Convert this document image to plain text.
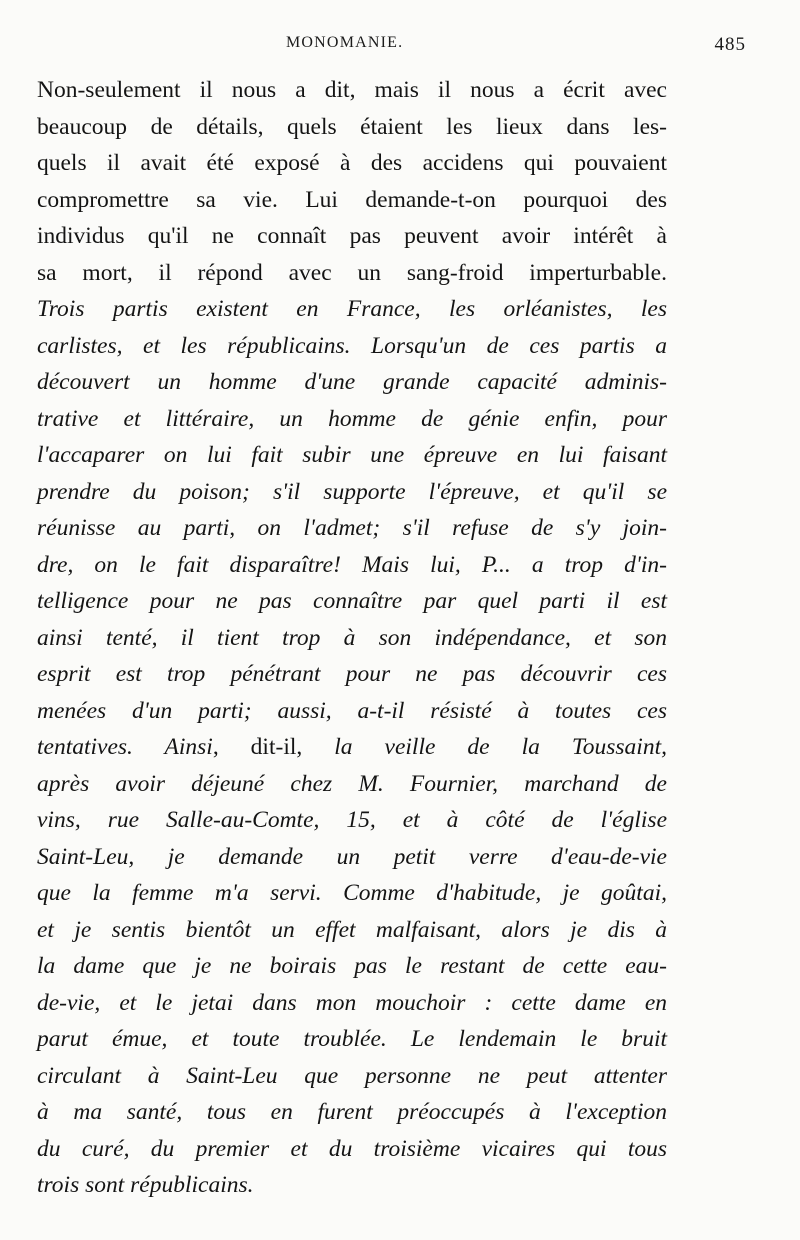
MONOMANIE.	485
Non-seulement il nous a dit, mais il nous a écrit avec
beaucoup de détails, quels étaient les lieux dans les-
quels il avait été exposé à des accidens qui pouvaient
compromettre sa vie. Lui demande-t-on pourquoi des
individus qu'il ne connaît pas peuvent avoir intérêt à
sa mort, il répond avec un sang-froid imperturbable.
Trois partis existent en France, les orléanistes, les
carlistes, et les républicains. Lorsqu'un de ces partis a
découvert un homme d'une grande capacité adminis-
trative et littéraire, un homme de génie enfin, pour
l'accaparer on lui fait subir une épreuve en lui faisant
prendre du poison; s'il supporte l'épreuve, et qu'il se
réunisse au parti, on l'admet; s'il refuse de s'y join-
dre, on le fait disparaître! Mais lui, P... a trop d'in-
telligence pour ne pas connaître par quel parti il est
ainsi tenté, il tient trop à son indépendance, et son
esprit est trop pénétrant pour ne pas découvrir ces
menées d'un parti; aussi, a-t-il résisté à toutes ces
tentatives. Ainsi, dit-il, la veille de la Toussaint,
après avoir déjeuné chez M. Fournier, marchand de
vins, rue Salle-au-Comte, 15, et à côté de l'église
Saint-Leu, je demande un petit verre d'eau-de-vie
que la femme m'a servi. Comme d'habitude, je goûtai,
et je sentis bientôt un effet malfaisant, alors je dis à
la dame que je ne boirais pas le restant de cette eau-
de-vie, et le jetai dans mon mouchoir : cette dame en
parut émue, et toute troublée. Le lendemain le bruit
circulant à Saint-Leu que personne ne peut attenter
à ma santé, tous en furent préoccupés à l'exception
du curé, du premier et du troisième vicaires qui tous
trois sont républicains.
